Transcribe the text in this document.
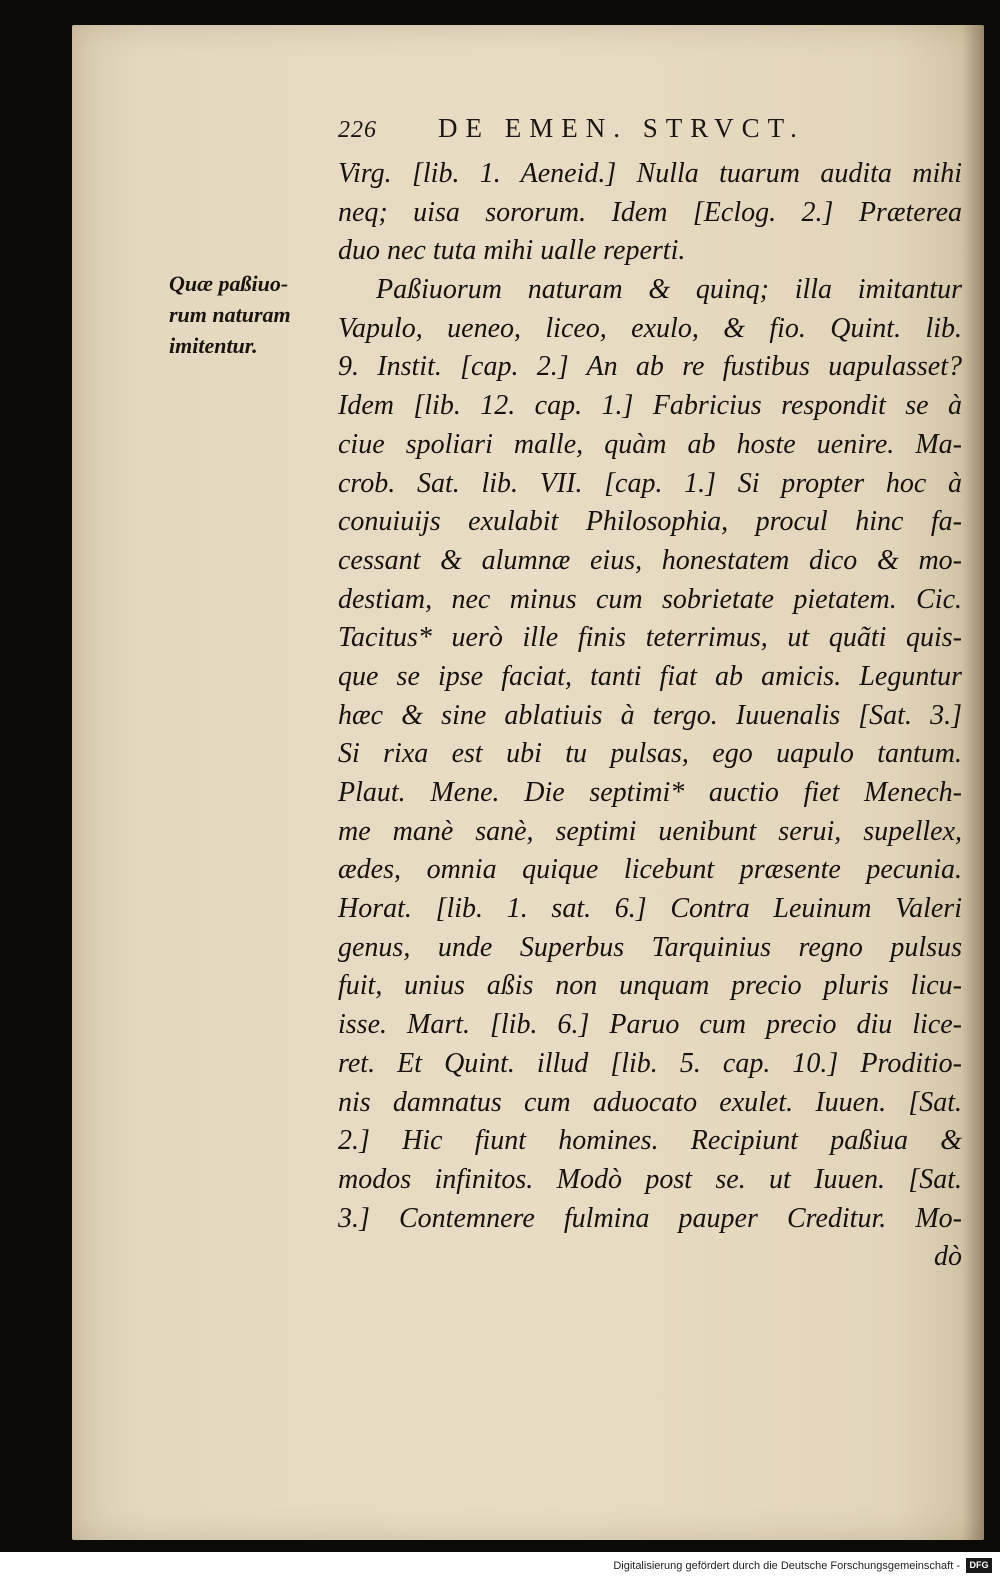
226 DE EMEN. STRVCT.
Quæ paßiuo-
rum naturam
imitentur.
Virg. [lib. 1. Aeneid.] Nulla tuarum audita mihi
neq; uisa sororum. Idem [Eclog. 2.] Præterea
duo nec tuta mihi ualle reperti.
Paßiuorum naturam & quinq; illa imitantur
Vapulo, ueneo, liceo, exulo, & fio. Quint. lib.
9. Instit. [cap. 2.] An ab re fustibus uapulasset?
Idem [lib. 12. cap. 1.] Fabricius respondit se à
ciue spoliari malle, quàm ab hoste uenire. Ma-
crob. Sat. lib. VII. [cap. 1.] Si propter hoc à
conuiuijs exulabit Philosophia, procul hinc fa-
cessant & alumnæ eius, honestatem dico & mo-
destiam, nec minus cum sobrietate pietatem. Cic.
Tacitus* uerò ille finis teterrimus, ut quãti quis-
que se ipse faciat, tanti fiat ab amicis. Leguntur
hæc & sine ablatiuis à tergo. Iuuenalis [Sat. 3.]
Si rixa est ubi tu pulsas, ego uapulo tantum.
Plaut. Mene. Die septimi* auctio fiet Menech-
me manè sanè, septimi uenibunt serui, supellex,
ædes, omnia quique licebunt præsente pecunia.
Horat. [lib. 1. sat. 6.] Contra Leuinum Valeri
genus, unde Superbus Tarquinius regno pulsus
fuit, unius aßis non unquam precio pluris licu-
isse. Mart. [lib. 6.] Paruo cum precio diu lice-
ret. Et Quint. illud [lib. 5. cap. 10.] Proditio-
nis damnatus cum aduocato exulet. Iuuen. [Sat.
2.] Hic fiunt homines. Recipiunt paßiua &
modos infinitos. Modò post se. ut Iuuen. [Sat.
3.] Contemnere fulmina pauper Creditur. Mo-
dò
Digitalisierung gefördert durch die Deutsche Forschungsgemeinschaft -	DFG
